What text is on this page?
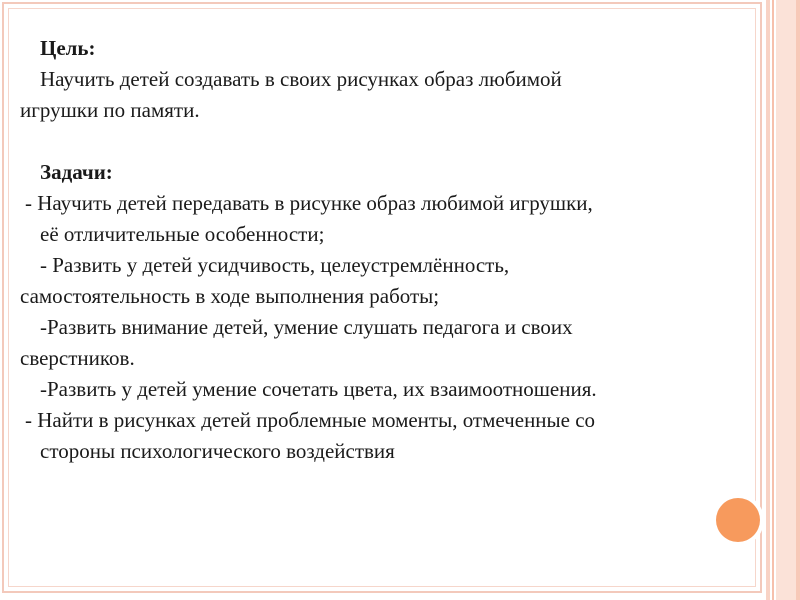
Цель:
Научить детей создавать в своих рисунках образ любимой
игрушки по памяти.
Задачи:
- Научить детей передавать в рисунке образ любимой игрушки,
её отличительные особенности;
- Развить у детей усидчивость, целеустремлённость,
самостоятельность в ходе выполнения работы;
-Развить внимание детей, умение слушать педагога и своих
сверстников.
-Развить у детей умение сочетать цвета, их взаимоотношения.
- Найти в рисунках детей проблемные моменты, отмеченные со
стороны психологического воздействия
